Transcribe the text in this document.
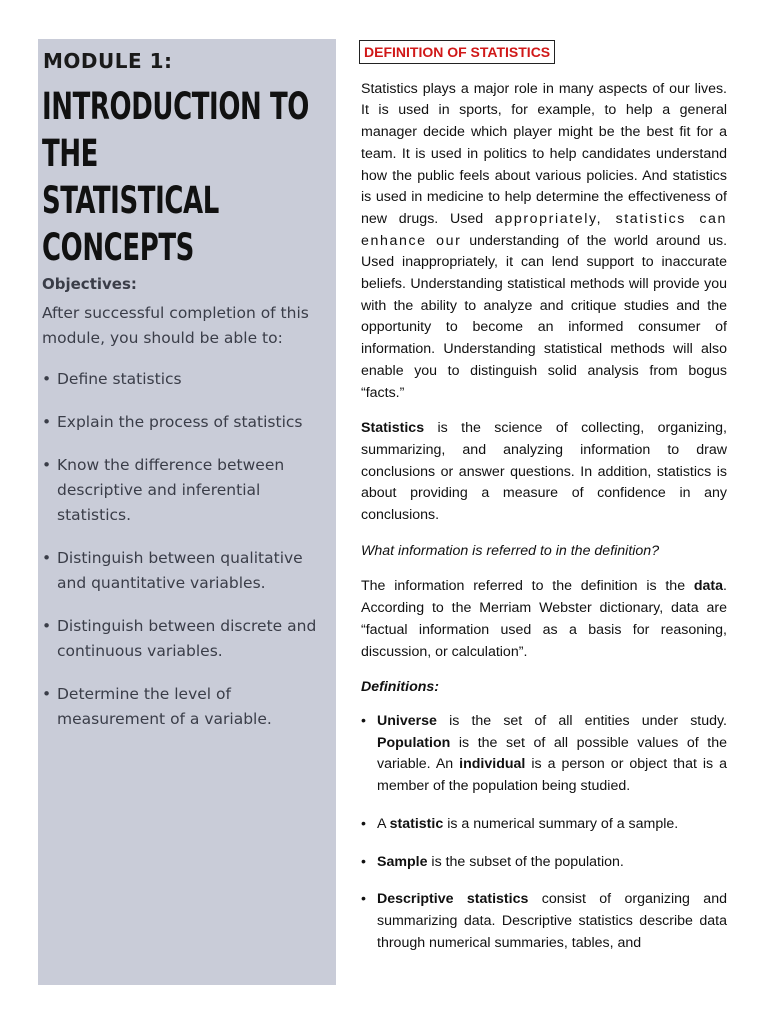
MODULE 1:
INTRODUCTION TO THE
STATISTICAL
CONCEPTS
Objectives:
After successful completion of this module, you should be able to:
• Define statistics
• Explain the process of statistics
• Know the difference between descriptive and inferential statistics.
• Distinguish between qualitative and quantitative variables.
• Distinguish between discrete and continuous variables.
• Determine the level of measurement of a variable.
DEFINITION OF STATISTICS

Statistics plays a major role in many aspects of our lives. It is used in sports, for example, to help a general manager decide which player might be the best fit for a team. It is used in politics to help candidates understand how the public feels about various policies. And statistics is used in medicine to help determine the effectiveness of new drugs. Used appropriately, statistics can enhance our understanding of the world around us. Used inappropriately, it can lend support to inaccurate beliefs. Understanding statistical methods will provide you with the ability to analyze and critique studies and the opportunity to become an informed consumer of information. Understanding statistical methods will also enable you to distinguish solid analysis from bogus “facts.”

Statistics is the science of collecting, organizing, summarizing, and analyzing information to draw conclusions or answer questions. In addition, statistics is about providing a measure of confidence in any conclusions.

What information is referred to in the definition?

The information referred to the definition is the data. According to the Merriam Webster dictionary, data are “factual information used as a basis for reasoning, discussion, or calculation”.

Definitions:

• Universe is the set of all entities under study. Population is the set of all possible values of the variable. An individual is a person or object that is a member of the population being studied.
• A statistic is a numerical summary of a sample.
• Sample is the subset of the population.
• Descriptive statistics consist of organizing and summarizing data. Descriptive statistics describe data through numerical summaries, tables, and
